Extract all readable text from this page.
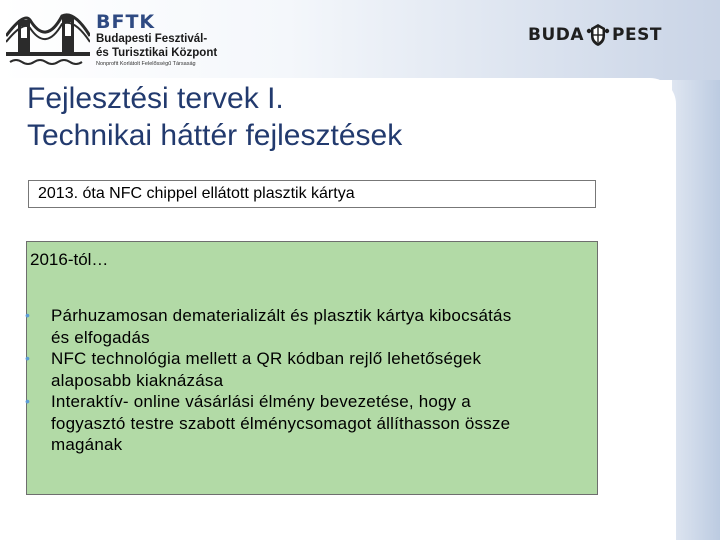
BFTK
Budapesti Fesztivál-
és Turisztikai Központ
Nonprofit Korlátolt Felelősségű Társaság
BUDA PEST
Fejlesztési tervek I.
Technikai háttér fejlesztések
2013. óta NFC chippel ellátott plasztik kártya
2016-tól…
• Párhuzamosan dematerializált és plasztik kártya kibocsátás
és elfogadás
• NFC technológia mellett a QR kódban rejlő lehetőségek
alaposabb kiaknázása
• Interaktív- online vásárlási élmény bevezetése, hogy a
fogyasztó testre szabott élménycsomagot állíthasson össze
magának
